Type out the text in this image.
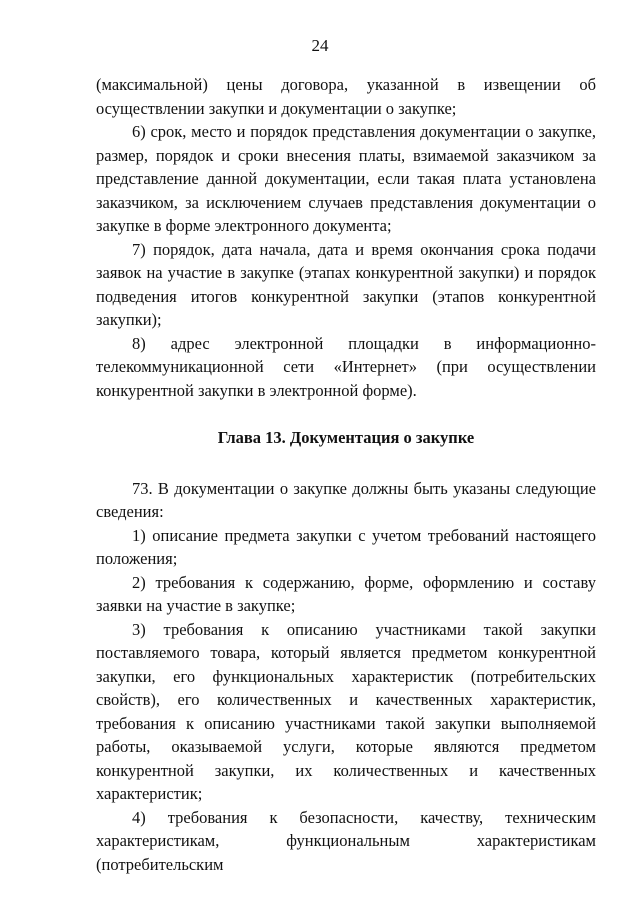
24

(максимальной) цены договора, указанной в извещении об осуществлении закупки и документации о закупке;

6) срок, место и порядок представления документации о закупке, размер, порядок и сроки внесения платы, взимаемой заказчиком за представление данной документации, если такая плата установлена заказчиком, за исключением случаев представления документации о закупке в форме электронного документа;

7) порядок, дата начала, дата и время окончания срока подачи заявок на участие в закупке (этапах конкурентной закупки) и порядок подведения итогов конкурентной закупки (этапов конкурентной закупки);

8) адрес электронной площадки в информационно-телекоммуникационной сети «Интернет» (при осуществлении конкурентной закупки в электронной форме).

Глава 13. Документация о закупке

73. В документации о закупке должны быть указаны следующие сведения:

1) описание предмета закупки с учетом требований настоящего положения;

2) требования к содержанию, форме, оформлению и составу заявки на участие в закупке;

3) требования к описанию участниками такой закупки поставляемого товара, который является предметом конкурентной закупки, его функциональных характеристик (потребительских свойств), его количественных и качественных характеристик, требования к описанию участниками такой закупки выполняемой работы, оказываемой услуги, которые являются предметом конкурентной закупки, их количественных и качественных характеристик;

4) требования к безопасности, качеству, техническим характеристикам, функциональным характеристикам (потребительским
